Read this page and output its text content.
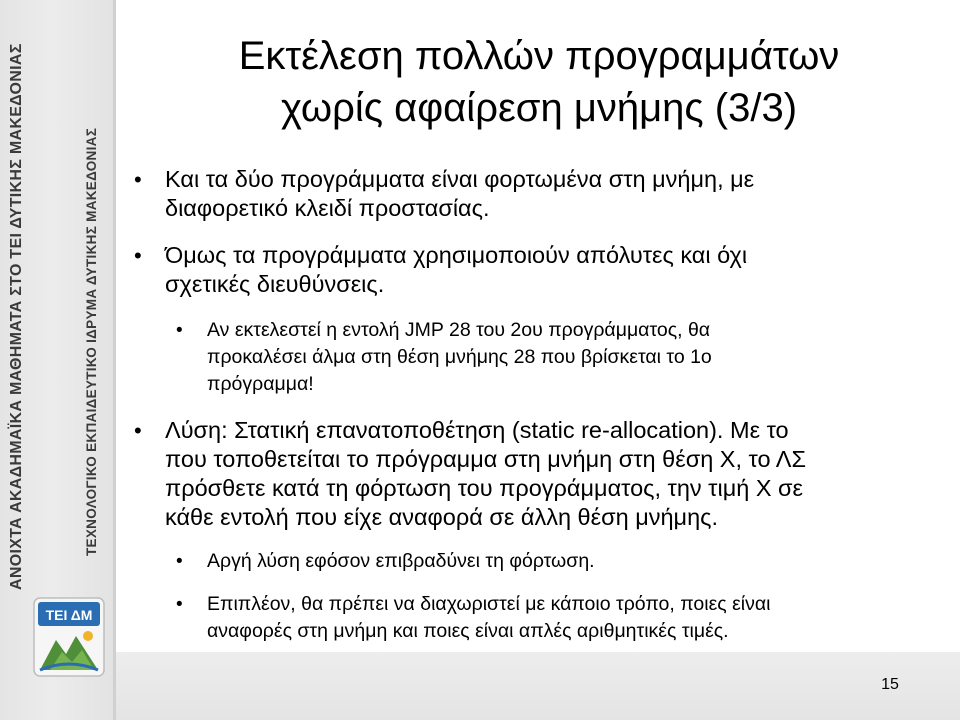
ΑΝΟΙΧΤΑ ΑΚΑΔΗΜΑΪΚΑ ΜΑΘΗΜΑΤΑ ΣΤΟ ΤΕΙ ΔΥΤΙΚΗΣ ΜΑΚΕΔΟΝΙΑΣ	ΤΕΧΝΟΛΟΓΙΚΟ ΕΚΠΑΙΔΕΥΤΙΚΟ ΙΔΡΥΜΑ ΔΥΤΙΚΗΣ ΜΑΚΕΔΟΝΙΑΣ
ΤΕΙ ΔΜ
Εκτέλεση πολλών προγραμμάτων
χωρίς αφαίρεση μνήμης (3/3)
• Και τα δύο προγράμματα είναι φορτωμένα στη μνήμη, με
διαφορετικό κλειδί προστασίας.
• Όμως τα προγράμματα χρησιμοποιούν απόλυτες και όχι
σχετικές διευθύνσεις.
• Αν εκτελεστεί η εντολή JMP 28 του 2ου προγράμματος, θα
προκαλέσει άλμα στη θέση μνήμης 28 που βρίσκεται το 1ο
πρόγραμμα!
• Λύση: Στατική επανατοποθέτηση (static re-allocation). Με το
που τοποθετείται το πρόγραμμα στη μνήμη στη θέση Χ, το ΛΣ
πρόσθετε κατά τη φόρτωση του προγράμματος, την τιμή Χ σε
κάθε εντολή που είχε αναφορά σε άλλη θέση μνήμης.
• Αργή λύση εφόσον επιβραδύνει τη φόρτωση.
• Επιπλέον, θα πρέπει να διαχωριστεί με κάποιο τρόπο, ποιες είναι
αναφορές στη μνήμη και ποιες είναι απλές αριθμητικές τιμές.
15
